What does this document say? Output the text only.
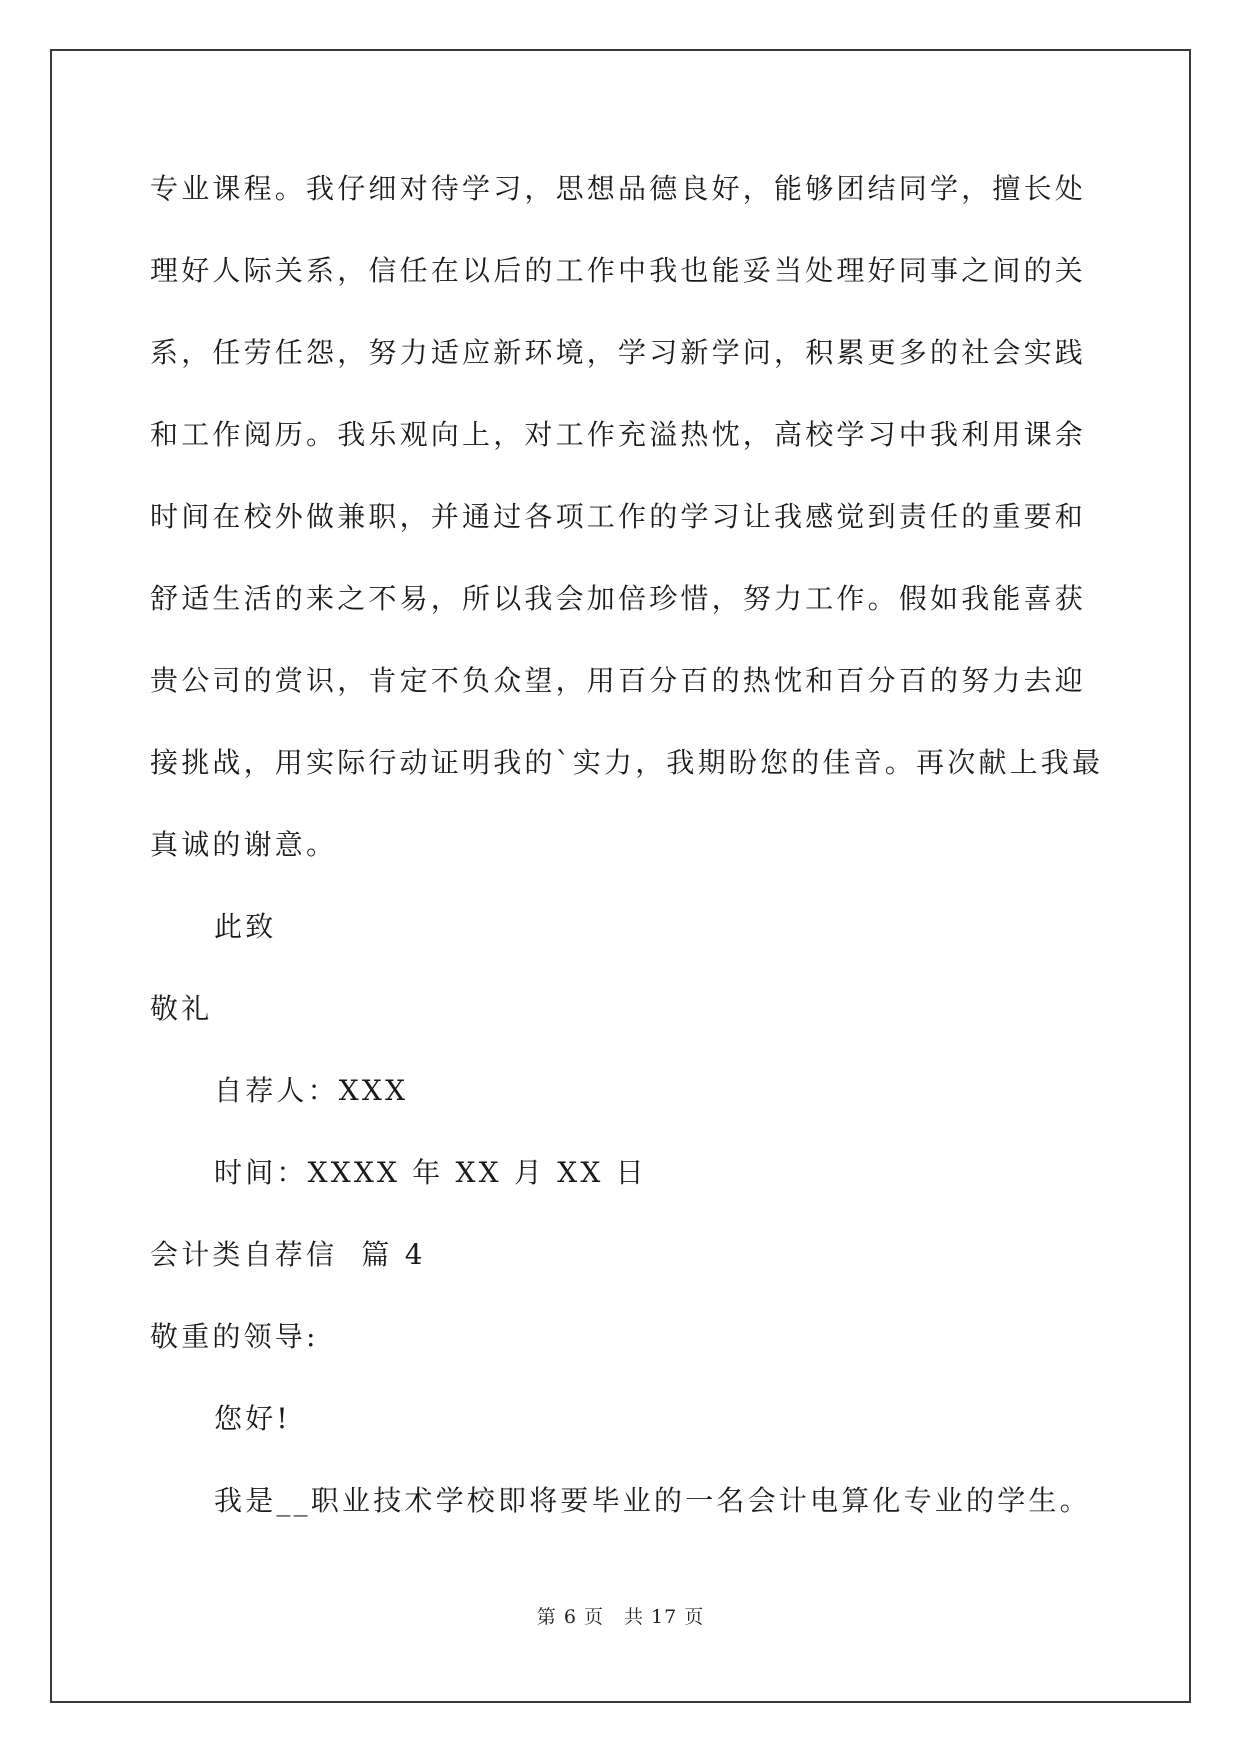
专业课程。我仔细对待学习，思想品德良好，能够团结同学，擅长处

理好人际关系，信任在以后的工作中我也能妥当处理好同事之间的关

系，任劳任怨，努力适应新环境，学习新学问，积累更多的社会实践

和工作阅历。我乐观向上，对工作充溢热忱，高校学习中我利用课余

时间在校外做兼职，并通过各项工作的学习让我感觉到责任的重要和

舒适生活的来之不易，所以我会加倍珍惜，努力工作。假如我能喜获

贵公司的赏识，肯定不负众望，用百分百的热忱和百分百的努力去迎

接挑战，用实际行动证明我的`实力，我期盼您的佳音。再次献上我最

真诚的谢意。

此致

敬礼

自荐人：XXX

时间：XXXX 年 XX 月 XX 日

会计类自荐信  篇 4

敬重的领导:

您好!

我是__职业技术学校即将要毕业的一名会计电算化专业的学生。

第 6 页　共 17 页
